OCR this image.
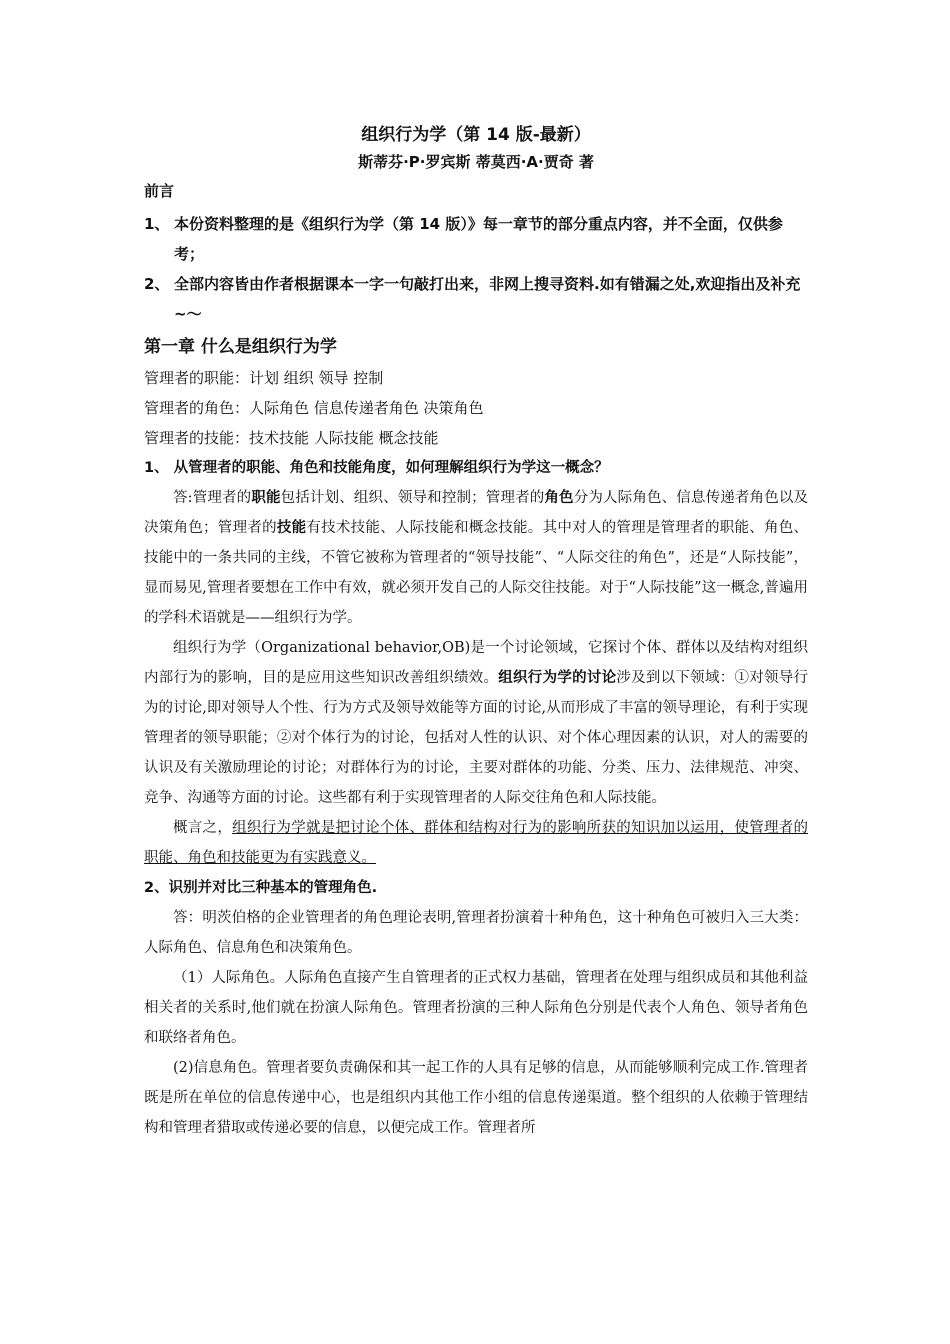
组织行为学（第 14 版-最新）
斯蒂芬·P·罗宾斯 蒂莫西·A·贾奇 著
前言
1、 本份资料整理的是《组织行为学（第 14 版）》每一章节的部分重点内容，并不全面，仅供参考；
2、 全部内容皆由作者根据课本一字一句敲打出来，非网上搜寻资料.如有错漏之处,欢迎指出及补充~～
第一章 什么是组织行为学
管理者的职能：计划 组织 领导 控制
管理者的角色：人际角色 信息传递者角色 决策角色
管理者的技能：技术技能 人际技能 概念技能
1、 从管理者的职能、角色和技能角度，如何理解组织行为学这一概念？

答:管理者的职能包括计划、组织、领导和控制；管理者的角色分为人际角色、信息传递者角色以及决策角色；管理者的技能有技术技能、人际技能和概念技能。其中对人的管理是管理者的职能、角色、技能中的一条共同的主线，不管它被称为管理者的“领导技能”、“人际交往的角色”，还是“人际技能”，显而易见,管理者要想在工作中有效，就必须开发自己的人际交往技能。对于“人际技能”这一概念,普遍用的学科术语就是——组织行为学。

组织行为学（Organizational behavior,OB)是一个讨论领域，它探讨个体、群体以及结构对组织内部行为的影响，目的是应用这些知识改善组织绩效。组织行为学的讨论涉及到以下领域：①对领导行为的讨论,即对领导人个性、行为方式及领导效能等方面的讨论,从而形成了丰富的领导理论，有利于实现管理者的领导职能；②对个体行为的讨论，包括对人性的认识、对个体心理因素的认识，对人的需要的认识及有关激励理论的讨论；对群体行为的讨论，主要对群体的功能、分类、压力、法律规范、冲突、竞争、沟通等方面的讨论。这些都有利于实现管理者的人际交往角色和人际技能。

概言之，组织行为学就是把讨论个体、群体和结构对行为的影响所获的知识加以运用，使管理者的职能、角色和技能更为有实践意义。

2、识别并对比三种基本的管理角色.

答：明茨伯格的企业管理者的角色理论表明,管理者扮演着十种角色，这十种角色可被归入三大类：人际角色、信息角色和决策角色。

（1）人际角色。人际角色直接产生自管理者的正式权力基础，管理者在处理与组织成员和其他利益相关者的关系时,他们就在扮演人际角色。管理者扮演的三种人际角色分别是代表个人角色、领导者角色和联络者角色。

(2)信息角色。管理者要负责确保和其一起工作的人具有足够的信息，从而能够顺利完成工作.管理者既是所在单位的信息传递中心，也是组织内其他工作小组的信息传递渠道。整个组织的人依赖于管理结构和管理者猎取或传递必要的信息，以便完成工作。管理者所
